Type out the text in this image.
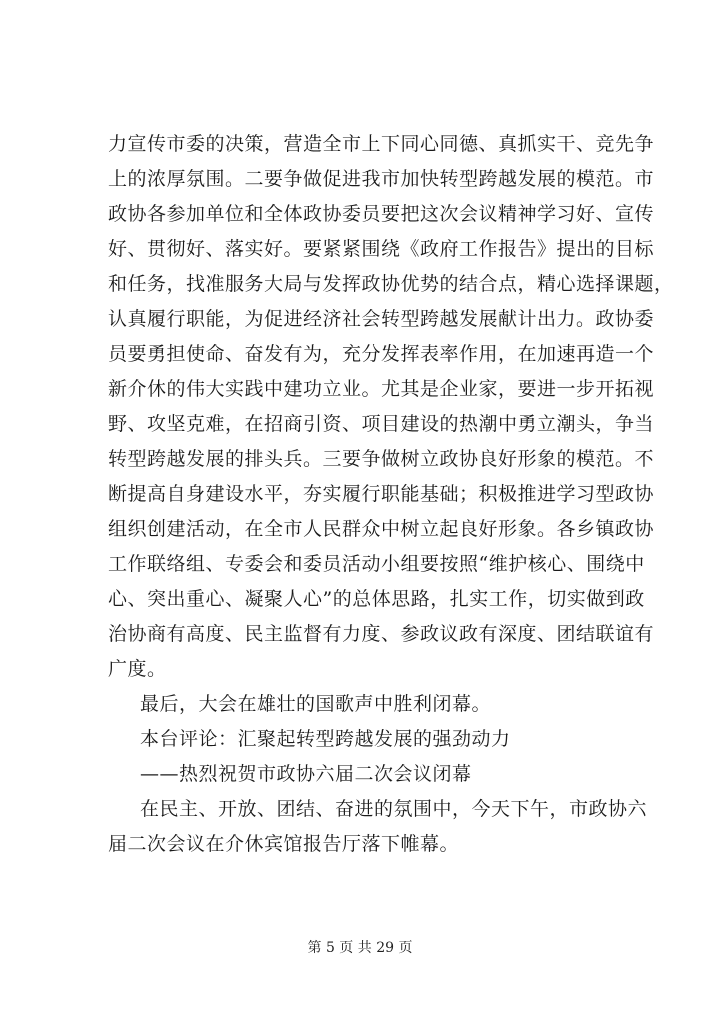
力宣传市委的决策，营造全市上下同心同德、真抓实干、竞先争
上的浓厚氛围。二要争做促进我市加快转型跨越发展的模范。市
政协各参加单位和全体政协委员要把这次会议精神学习好、宣传
好、贯彻好、落实好。要紧紧围绕《政府工作报告》提出的目标
和任务，找准服务大局与发挥政协优势的结合点，精心选择课题，
认真履行职能，为促进经济社会转型跨越发展献计出力。政协委
员要勇担使命、奋发有为，充分发挥表率作用，在加速再造一个
新介休的伟大实践中建功立业。尤其是企业家，要进一步开拓视
野、攻坚克难，在招商引资、项目建设的热潮中勇立潮头，争当
转型跨越发展的排头兵。三要争做树立政协良好形象的模范。不
断提高自身建设水平，夯实履行职能基础；积极推进学习型政协
组织创建活动，在全市人民群众中树立起良好形象。各乡镇政协
工作联络组、专委会和委员活动小组要按照“维护核心、围绕中
心、突出重心、凝聚人心”的总体思路，扎实工作，切实做到政
治协商有高度、民主监督有力度、参政议政有深度、团结联谊有
广度。
最后，大会在雄壮的国歌声中胜利闭幕。
本台评论：汇聚起转型跨越发展的强劲动力
——热烈祝贺市政协六届二次会议闭幕
在民主、开放、团结、奋进的氛围中，今天下午，市政协六
届二次会议在介休宾馆报告厅落下帷幕。
第 5 页 共 29 页
